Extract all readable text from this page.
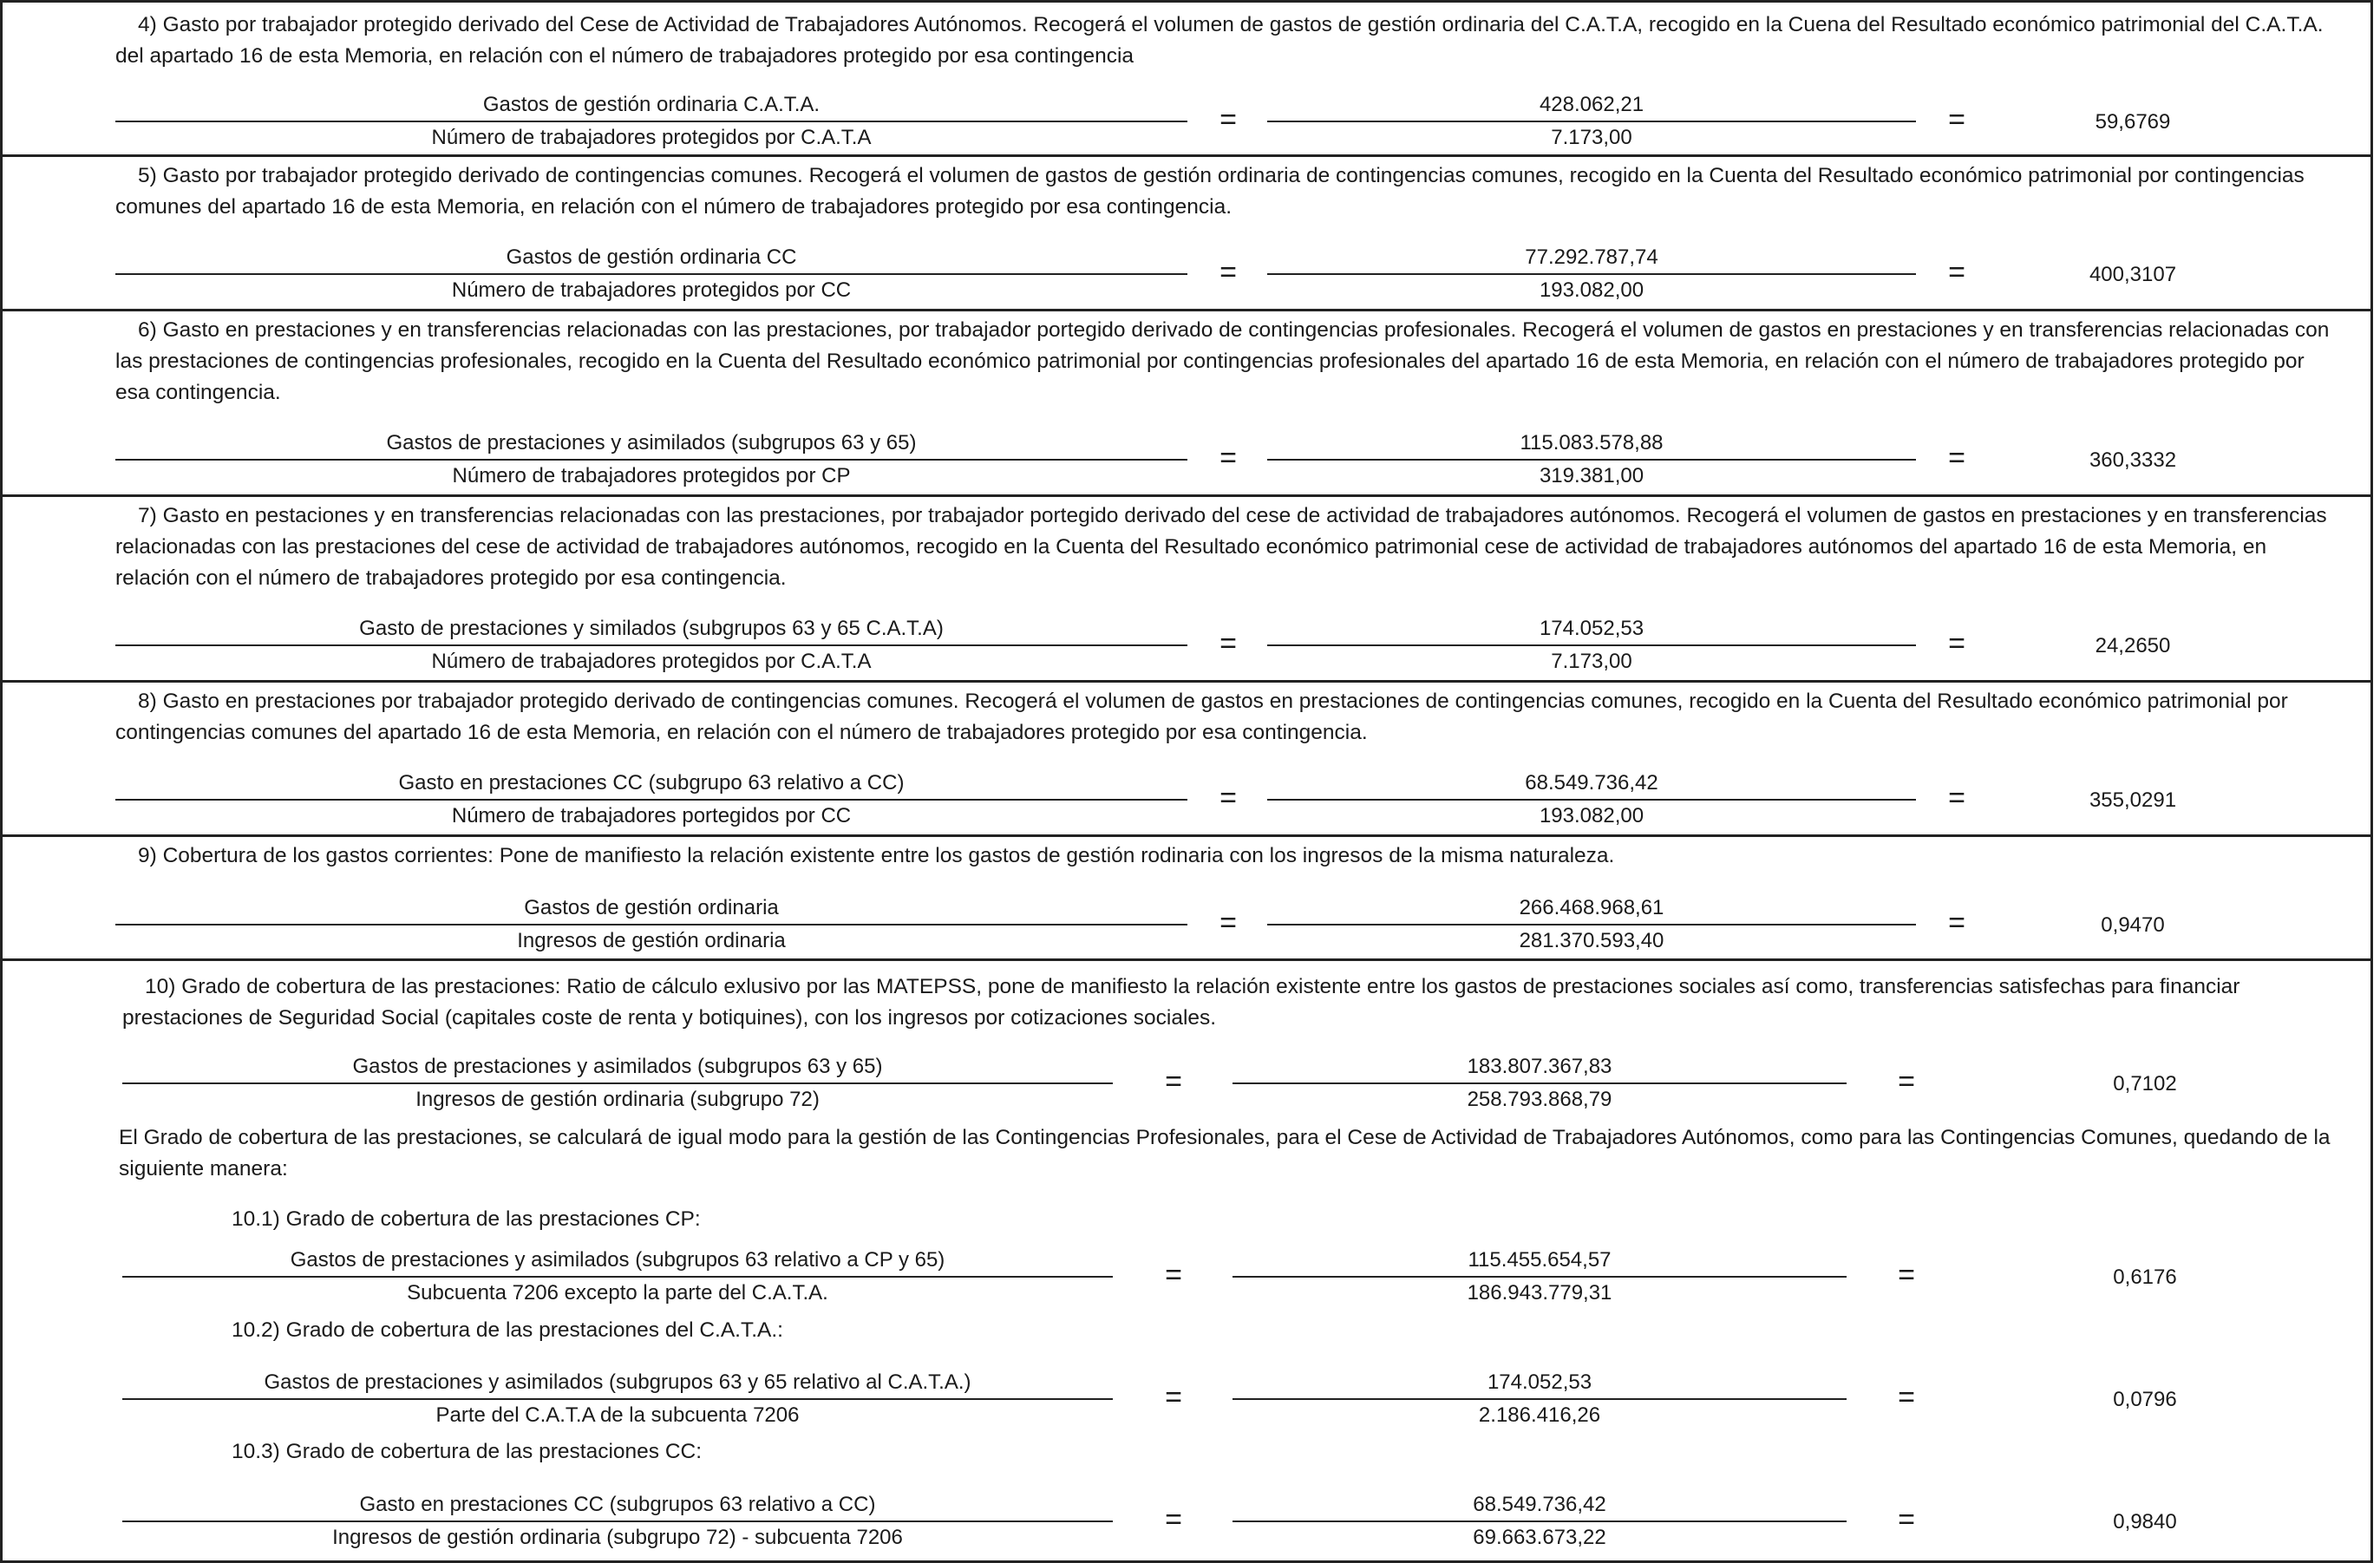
4) Gasto por trabajador protegido derivado del Cese de Actividad de Trabajadores Autónomos. Recogerá el volumen de gastos de gestión ordinaria del C.A.T.A, recogido en la Cuena del Resultado económico patrimonial del C.A.T.A. del apartado 16 de esta Memoria, en relación con el número de trabajadores protegido por esa contingencia
Gastos de gestión ordinaria C.A.T.A.
Número de trabajadores protegidos por C.A.T.A
=	428.062,21
7.173,00
=	59,6769
5) Gasto por trabajador protegido derivado de contingencias comunes. Recogerá el volumen de gastos de gestión ordinaria de contingencias comunes, recogido en la Cuenta del Resultado económico patrimonial por contingencias comunes del apartado 16 de esta Memoria, en relación con el número de trabajadores protegido por esa contingencia.
Gastos de gestión ordinaria CC
Número de trabajadores protegidos por CC
=	77.292.787,74
193.082,00
=	400,3107
6) Gasto en prestaciones y en transferencias relacionadas con las prestaciones, por trabajador portegido derivado de contingencias profesionales. Recogerá el volumen de gastos en prestaciones y en transferencias relacionadas con las prestaciones de contingencias profesionales, recogido en la Cuenta del Resultado económico patrimonial por contingencias profesionales del apartado 16 de esta Memoria, en relación con el número de trabajadores protegido por esa contingencia.
Gastos de prestaciones y asimilados (subgrupos 63 y 65)
Número de trabajadores protegidos por CP
=	115.083.578,88
319.381,00
=	360,3332
7) Gasto en pestaciones y en transferencias relacionadas con las prestaciones, por trabajador portegido derivado del cese de actividad de trabajadores autónomos. Recogerá el volumen de gastos en prestaciones y en transferencias relacionadas con las prestaciones del cese de actividad de trabajadores autónomos, recogido en la Cuenta del Resultado económico patrimonial cese de actividad de trabajadores autónomos del apartado 16 de esta Memoria, en relación con el número de trabajadores protegido por esa contingencia.
Gasto de prestaciones y similados (subgrupos 63 y 65 C.A.T.A)
Número de trabajadores protegidos por C.A.T.A
=	174.052,53
7.173,00
=	24,2650
8) Gasto en prestaciones por trabajador protegido derivado de contingencias comunes. Recogerá el volumen de gastos en prestaciones de contingencias comunes, recogido en la Cuenta del Resultado económico patrimonial por contingencias comunes del apartado 16 de esta Memoria, en relación con el número de trabajadores protegido por esa contingencia.
Gasto en prestaciones CC (subgrupo 63 relativo a CC)
Número de trabajadores portegidos por CC
=	68.549.736,42
193.082,00
=	355,0291
9) Cobertura de los gastos corrientes: Pone de manifiesto la relación existente entre los gastos de gestión rodinaria con los ingresos de la misma naturaleza.
Gastos de gestión ordinaria
Ingresos de gestión ordinaria
=	266.468.968,61
281.370.593,40
=	0,9470
10) Grado de cobertura de las prestaciones: Ratio de cálculo exlusivo por las MATEPSS, pone de manifiesto la relación existente entre los gastos de prestaciones sociales así como, transferencias satisfechas para financiar prestaciones de Seguridad Social (capitales coste de renta y botiquines), con los ingresos por cotizaciones sociales.
Gastos de prestaciones y asimilados (subgrupos 63 y 65)
Ingresos de gestión ordinaria (subgrupo 72)
=	183.807.367,83
258.793.868,79
=	0,7102
El Grado de cobertura de las prestaciones, se calculará de igual modo para la gestión de las Contingencias Profesionales, para el Cese de Actividad de Trabajadores Autónomos, como para las Contingencias Comunes, quedando de la siguiente manera:
10.1) Grado de cobertura de las prestaciones CP:
Gastos de prestaciones y asimilados (subgrupos 63 relativo a CP y 65)
Subcuenta 7206 excepto la parte del C.A.T.A.
=	115.455.654,57
186.943.779,31
=	0,6176
10.2) Grado de cobertura de las prestaciones del C.A.T.A.:
Gastos de prestaciones y asimilados (subgrupos 63 y 65 relativo al C.A.T.A.)
Parte del C.A.T.A de la subcuenta 7206
=	174.052,53
2.186.416,26
=	0,0796
10.3) Grado de cobertura de las prestaciones CC:
Gasto en prestaciones CC (subgrupos 63 relativo a CC)
Ingresos de gestión ordinaria (subgrupo 72) - subcuenta 7206
=	68.549.736,42
69.663.673,22
=	0,9840
